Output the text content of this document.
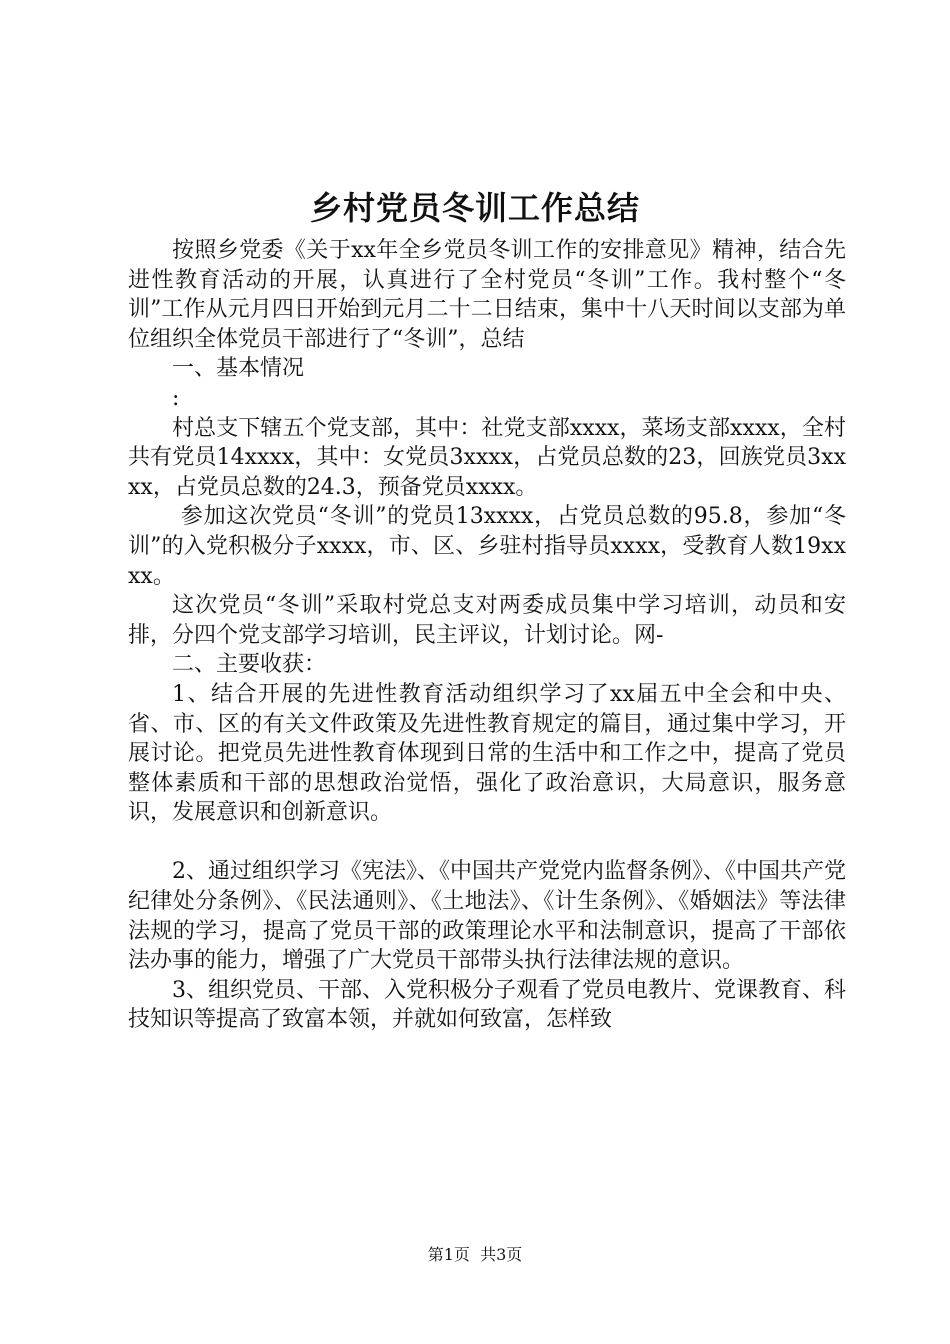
乡村党员冬训工作总结

按照乡党委《关于xx年全乡党员冬训工作的安排意见》精神，结合先进性教育活动的开展，认真进行了全村党员“冬训”工作。我村整个“冬训”工作从元月四日开始到元月二十二日结束，集中十八天时间以支部为单位组织全体党员干部进行了“冬训”，总结

一、基本情况

:

村总支下辖五个党支部，其中：社党支部xxxx，菜场支部xxxx，全村共有党员14xxxx，其中：女党员3xxxx，占党员总数的23，回族党员3xxxx，占党员总数的24.3，预备党员xxxx。

参加这次党员“冬训”的党员13xxxx，占党员总数的95.8，参加“冬训”的入党积极分子xxxx，市、区、乡驻村指导员xxxx，受教育人数19xxxx。

这次党员“冬训”采取村党总支对两委成员集中学习培训，动员和安排，分四个党支部学习培训，民主评议，计划讨论。网-

二、主要收获：

1、结合开展的先进性教育活动组织学习了xx届五中全会和中央、省、市、区的有关文件政策及先进性教育规定的篇目，通过集中学习，开展讨论。把党员先进性教育体现到日常的生活中和工作之中，提高了党员整体素质和干部的思想政治觉悟，强化了政治意识，大局意识，服务意识，发展意识和创新意识。

2、通过组织学习《宪法》、《中国共产党党内监督条例》、《中国共产党纪律处分条例》、《民法通则》、《土地法》、《计生条例》、《婚姻法》等法律法规的学习，提高了党员干部的政策理论水平和法制意识，提高了干部依法办事的能力，增强了广大党员干部带头执行法律法规的意识。

3、组织党员、干部、入党积极分子观看了党员电教片、党课教育、科技知识等提高了致富本领，并就如何致富，怎样致

第1页  共3页
